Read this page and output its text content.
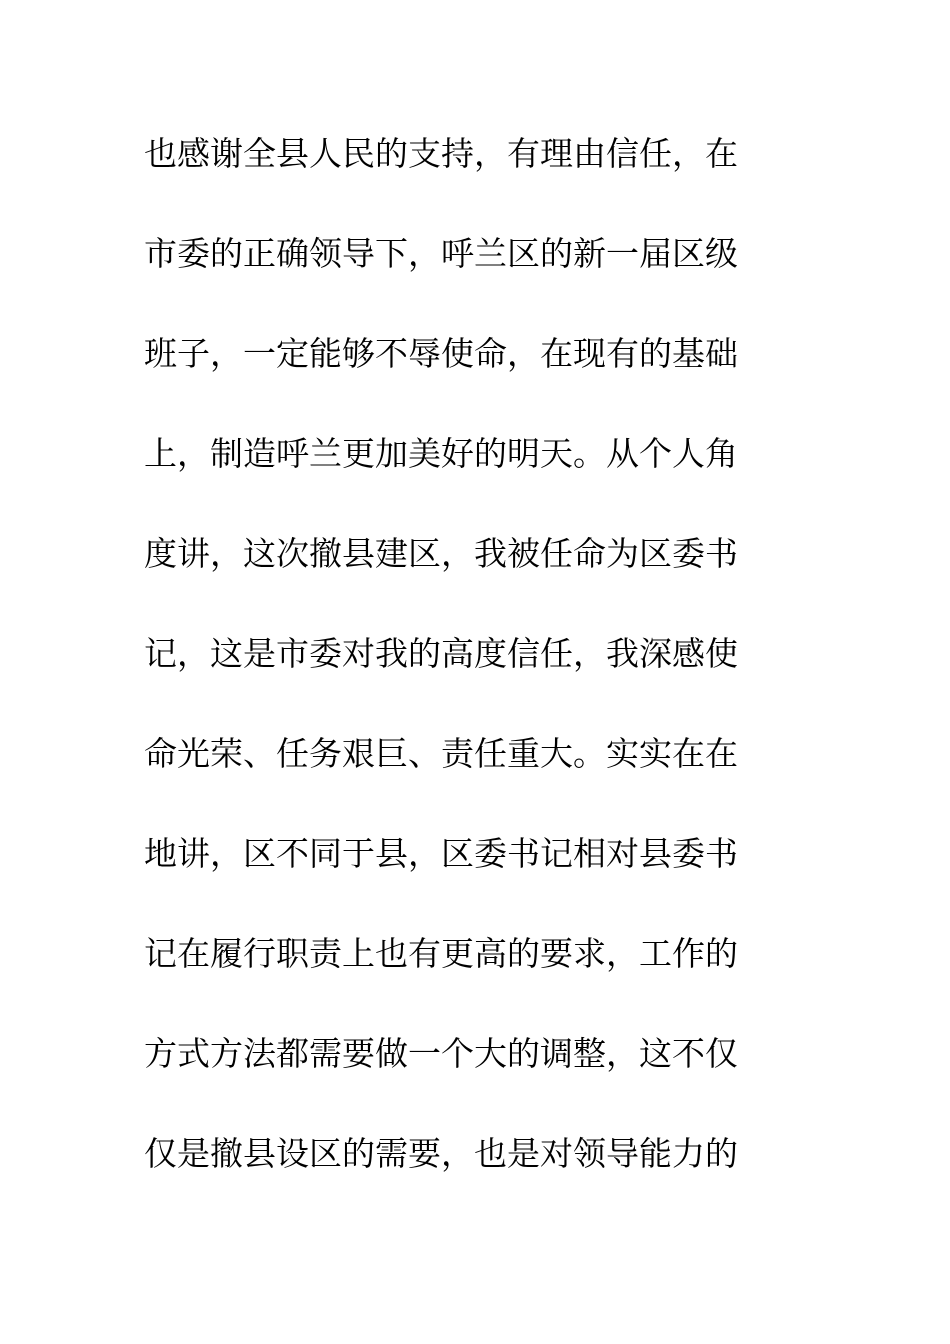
也感谢全县人民的支持，有理由信任，在
市委的正确领导下，呼兰区的新一届区级
班子，一定能够不辱使命，在现有的基础
上，制造呼兰更加美好的明天。从个人角
度讲，这次撤县建区，我被任命为区委书
记，这是市委对我的高度信任，我深感使
命光荣、任务艰巨、责任重大。实实在在
地讲，区不同于县，区委书记相对县委书
记在履行职责上也有更高的要求，工作的
方式方法都需要做一个大的调整，这不仅
仅是撤县设区的需要，也是对领导能力的
